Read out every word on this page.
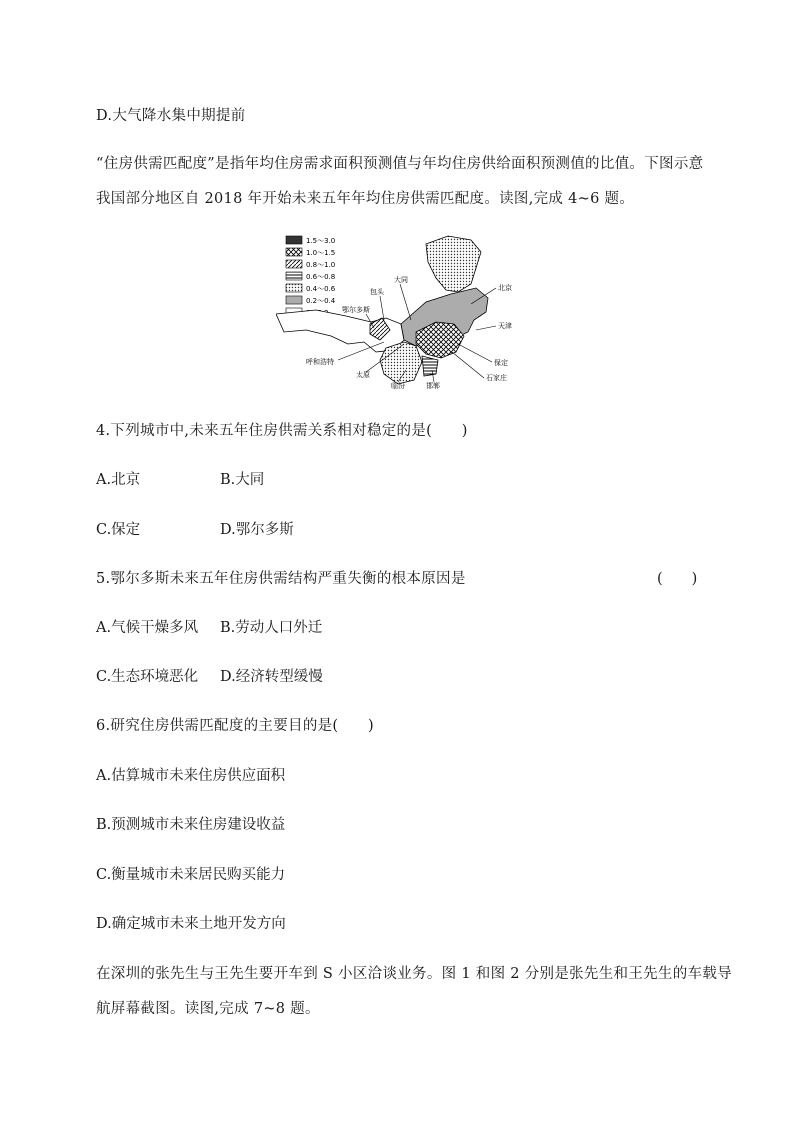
D.大气降水集中期提前
“住房供需匹配度”是指年均住房需求面积预测值与年均住房供给面积预测值的比值。下图示意
我国部分地区自 2018 年开始未来五年年均住房供需匹配度。读图,完成 4~6 题。
1.5～3.0
1.0～1.5
0.8～1.0
0.6～0.8
0.4～0.6
0.2～0.4
大同
包头
鄂尔多斯
北京
天津
保定
石家庄
邯郸
临汾
太原
呼和浩特
4.下列城市中,未来五年住房供需关系相对稳定的是(　　)
A.北京	B.大同
C.保定	D.鄂尔多斯
5.鄂尔多斯未来五年住房供需结构严重失衡的根本原因是	(　　)
A.气候干燥多风 B.劳动人口外迁
C.生态环境恶化 D.经济转型缓慢
6.研究住房供需匹配度的主要目的是(　　)
A.估算城市未来住房供应面积
B.预测城市未来住房建设收益
C.衡量城市未来居民购买能力
D.确定城市未来土地开发方向
在深圳的张先生与王先生要开车到 S 小区洽谈业务。图 1 和图 2 分别是张先生和王先生的车载导
航屏幕截图。读图,完成 7~8 题。
